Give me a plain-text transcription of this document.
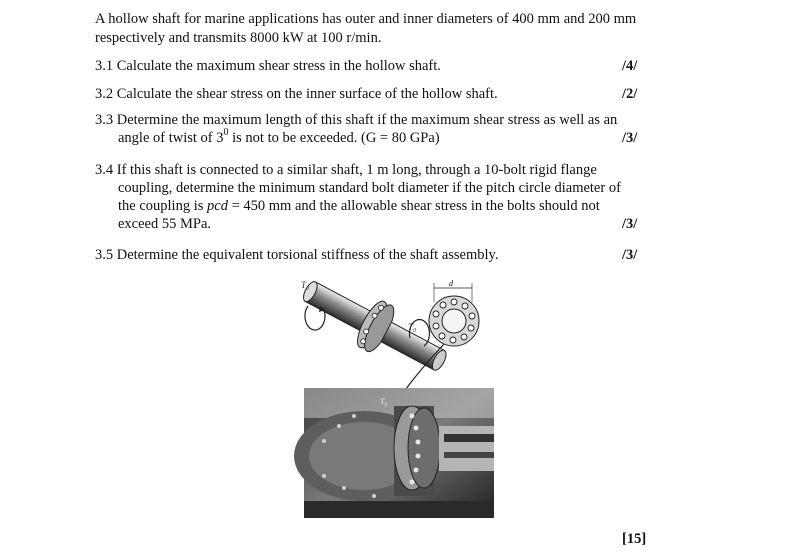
A hollow shaft for marine applications has outer and inner diameters of 400 mm and 200 mm
respectively and transmits 8000 kW at 100 r/min.
3.1 Calculate the maximum shear stress in the hollow shaft.	/4/
3.2 Calculate the shear stress on the inner surface of the hollow shaft.	/2/
3.3 Determine the maximum length of this shaft if the maximum shear stress as well as an
angle of twist of $3^0$ is not to be exceeded. (G = 80 GPa)	/3/
3.4 If this shaft is connected to a similar shaft, 1 m long, through a 10-bolt rigid flange
coupling, determine the minimum standard bolt diameter if the pitch circle diameter of
the coupling is pcd = 450 mm and the allowable shear stress in the bolts should not
exceed 55 MPa.	/3/
3.5 Determine the equivalent torsional stiffness of the shaft assembly.	/3/
$T_0$
$T_0$
d
$T_0$
[15]
